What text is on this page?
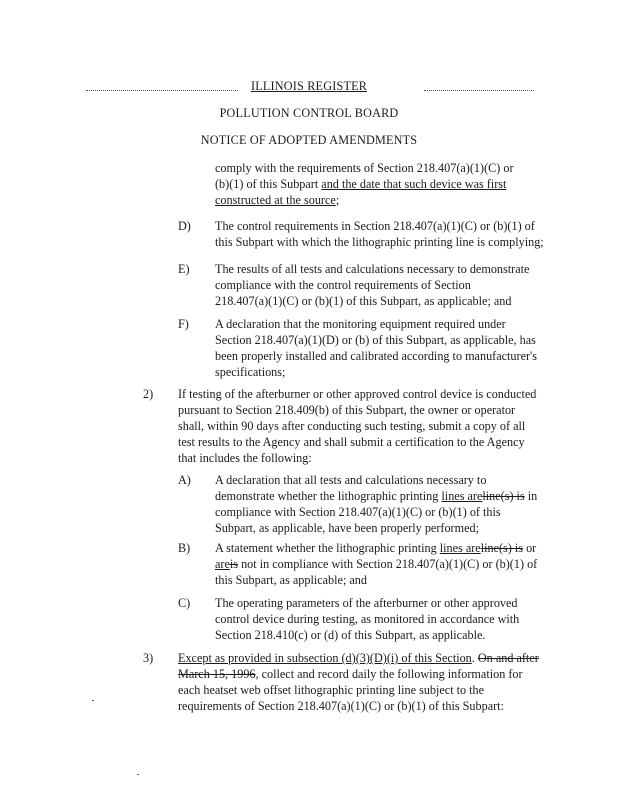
ILLINOIS REGISTER
POLLUTION CONTROL BOARD
NOTICE OF ADOPTED AMENDMENTS
comply with the requirements of Section 218.407(a)(1)(C) or
(b)(1) of this Subpart and the date that such device was first
constructed at the source;
D) The control requirements in Section 218.407(a)(1)(C) or (b)(1) of
this Subpart with which the lithographic printing line is complying;
E) The results of all tests and calculations necessary to demonstrate
compliance with the control requirements of Section
218.407(a)(1)(C) or (b)(1) of this Subpart, as applicable; and
F) A declaration that the monitoring equipment required under
Section 218.407(a)(1)(D) or (b) of this Subpart, as applicable, has
been properly installed and calibrated according to manufacturer's
specifications;
2) If testing of the afterburner or other approved control device is conducted
pursuant to Section 218.409(b) of this Subpart, the owner or operator
shall, within 90 days after conducting such testing, submit a copy of all
test results to the Agency and shall submit a certification to the Agency
that includes the following:
A) A declaration that all tests and calculations necessary to
demonstrate whether the lithographic printing lines areline(s) is in
compliance with Section 218.407(a)(1)(C) or (b)(1) of this
Subpart, as applicable, have been properly performed;
B) A statement whether the lithographic printing lines areline(s) is or
areis not in compliance with Section 218.407(a)(1)(C) or (b)(1) of
this Subpart, as applicable; and
C) The operating parameters of the afterburner or other approved
control device during testing, as monitored in accordance with
Section 218.410(c) or (d) of this Subpart, as applicable.
3) Except as provided in subsection (d)(3)(D)(i) of this Section. On and after
March 15, 1996, collect and record daily the following information for
each heatset web offset lithographic printing line subject to the
requirements of Section 218.407(a)(1)(C) or (b)(1) of this Subpart:
